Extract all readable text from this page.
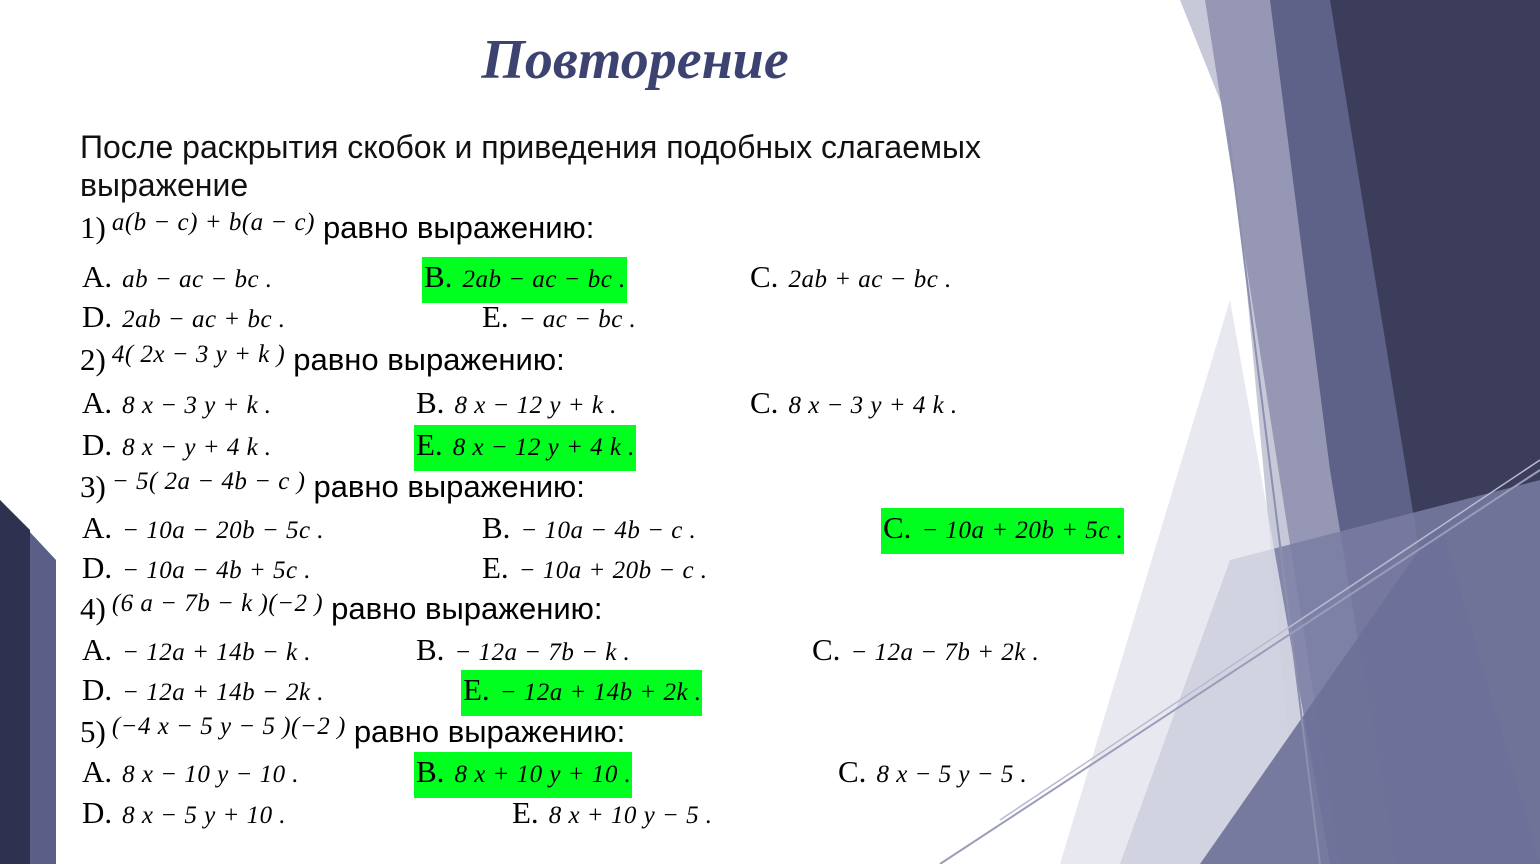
Повторение
После раскрытия скобок и приведения подобных слагаемых выражение
1) a(b − c) + b(a − c) равно выражению:
A. ab − ac − bc .	B. 2ab − ac − bc .	C. 2ab + ac − bc .
D. 2ab − ac + bc .	E. − ac − bc .
2) 4( 2x − 3 y + k ) равно выражению:
A. 8 x − 3 y + k .	B. 8 x − 12 y + k .	C. 8 x − 3 y + 4 k .
D. 8 x − y + 4 k .	E. 8 x − 12 y + 4 k .
3) − 5( 2a − 4b − c ) равно выражению:
A. − 10a − 20b − 5c .	B. − 10a − 4b − c .	C. − 10a + 20b + 5c .
D. − 10a − 4b + 5c .	E. − 10a + 20b − c .
4) (6 a − 7b − k )(−2 ) равно выражению:
A. − 12a + 14b − k .	B. − 12a − 7b − k .	C. − 12a − 7b + 2k .
D. − 12a + 14b − 2k .	E. − 12a + 14b + 2k .
5) (−4 x − 5 y − 5 )(−2 ) равно выражению:
A. 8 x − 10 y − 10 .	B. 8 x + 10 y + 10 .	C. 8 x − 5 y − 5 .
D. 8 x − 5 y + 10 .	E. 8 x + 10 y − 5 .
